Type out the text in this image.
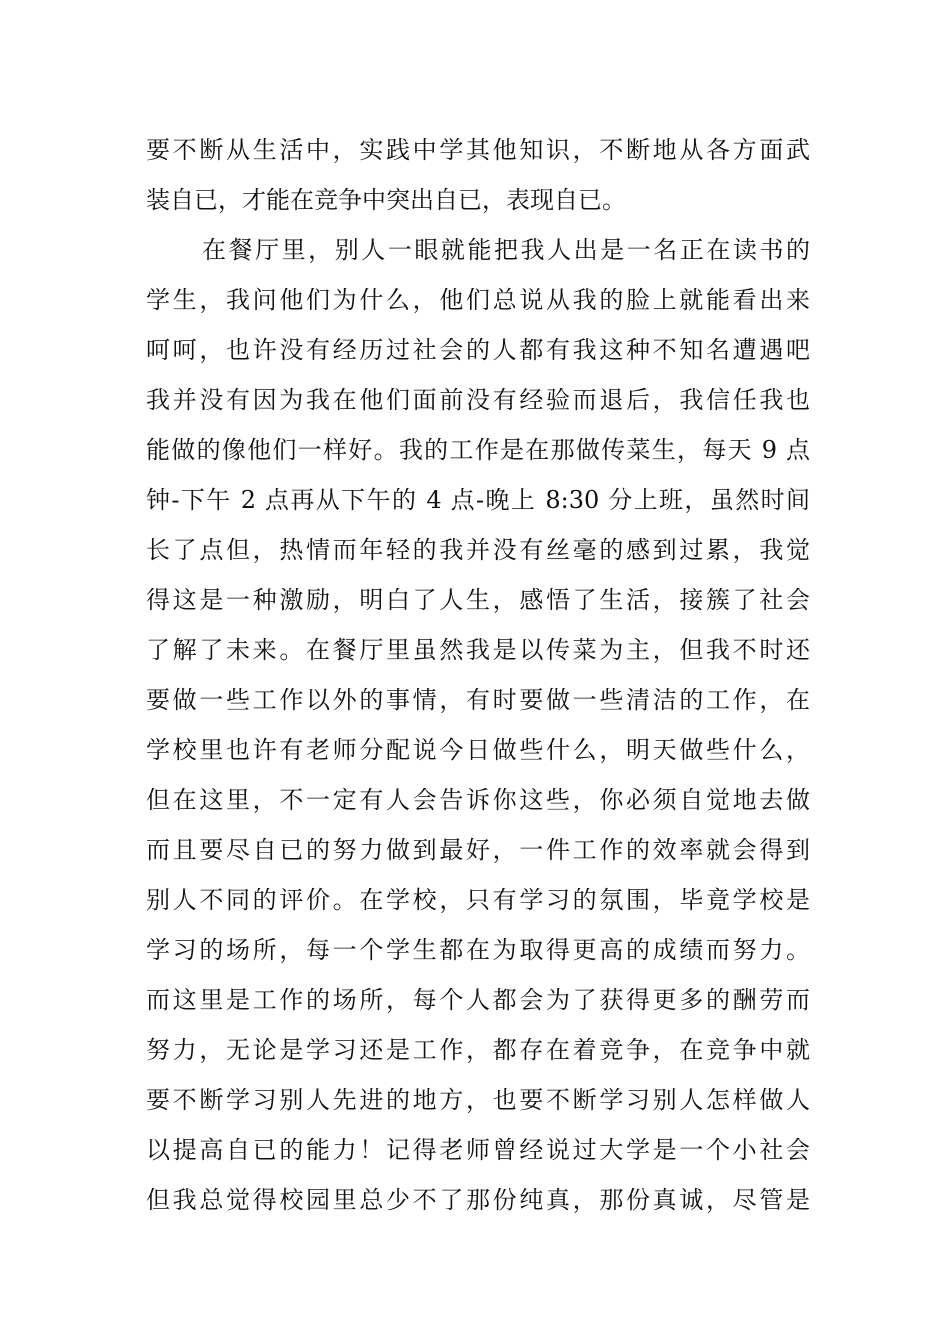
要不断从生活中，实践中学其他知识，不断地从各方面武
装自已，才能在竞争中突出自已，表现自已。
在餐厅里，别人一眼就能把我人出是一名正在读书的
学生，我问他们为什么，他们总说从我的脸上就能看出来
呵呵，也许没有经历过社会的人都有我这种不知名遭遇吧
我并没有因为我在他们面前没有经验而退后，我信任我也
能做的像他们一样好。我的工作是在那做传菜生，每天 9 点
钟-下午 2 点再从下午的 4 点-晚上 8:30 分上班，虽然时间
长了点但，热情而年轻的我并没有丝毫的感到过累，我觉
得这是一种激励，明白了人生，感悟了生活，接簇了社会
了解了未来。在餐厅里虽然我是以传菜为主，但我不时还
要做一些工作以外的事情，有时要做一些清洁的工作，在
学校里也许有老师分配说今日做些什么，明天做些什么，
但在这里，不一定有人会告诉你这些，你必须自觉地去做
而且要尽自已的努力做到最好，一件工作的效率就会得到
别人不同的评价。在学校，只有学习的氛围，毕竟学校是
学习的场所，每一个学生都在为取得更高的成绩而努力。
而这里是工作的场所，每个人都会为了获得更多的酬劳而
努力，无论是学习还是工作，都存在着竞争，在竞争中就
要不断学习别人先进的地方，也要不断学习别人怎样做人
以提高自已的能力！记得老师曾经说过大学是一个小社会
但我总觉得校园里总少不了那份纯真，那份真诚，尽管是
